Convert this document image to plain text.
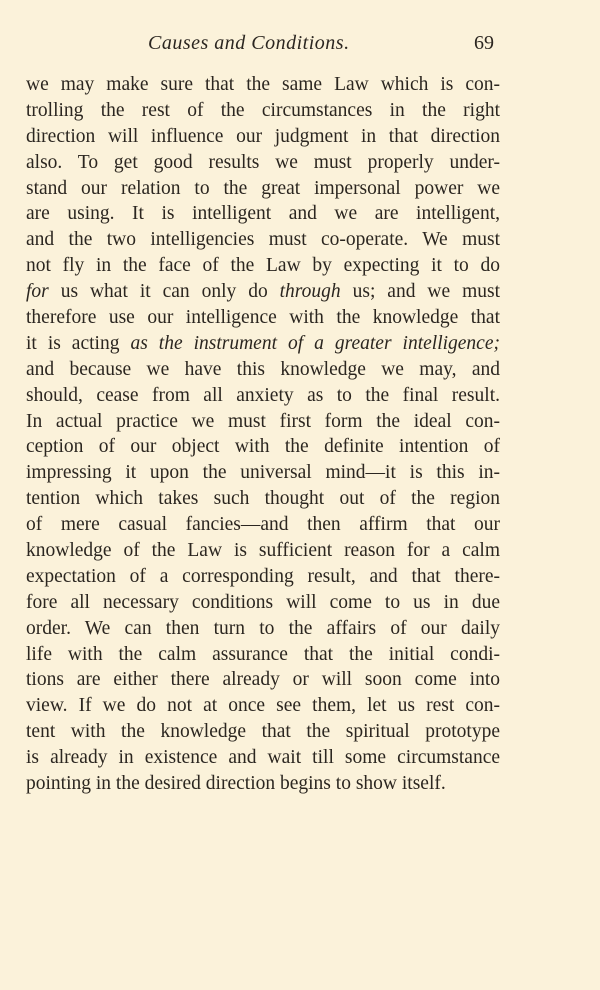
Causes and Conditions.	69
we may make sure that the same Law which is con-
trolling the rest of the circumstances in the right
direction will influence our judgment in that direction
also. To get good results we must properly under-
stand our relation to the great impersonal power we
are using. It is intelligent and we are intelligent,
and the two intelligencies must co-operate. We must
not fly in the face of the Law by expecting it to do
for us what it can only do through us; and we must
therefore use our intelligence with the knowledge that
it is acting as the instrument of a greater intelligence;
and because we have this knowledge we may, and
should, cease from all anxiety as to the final result.
In actual practice we must first form the ideal con-
ception of our object with the definite intention of
impressing it upon the universal mind—it is this in-
tention which takes such thought out of the region
of mere casual fancies—and then affirm that our
knowledge of the Law is sufficient reason for a calm
expectation of a corresponding result, and that there-
fore all necessary conditions will come to us in due
order. We can then turn to the affairs of our daily
life with the calm assurance that the initial condi-
tions are either there already or will soon come into
view. If we do not at once see them, let us rest con-
tent with the knowledge that the spiritual prototype
is already in existence and wait till some circumstance
pointing in the desired direction begins to show itself.
